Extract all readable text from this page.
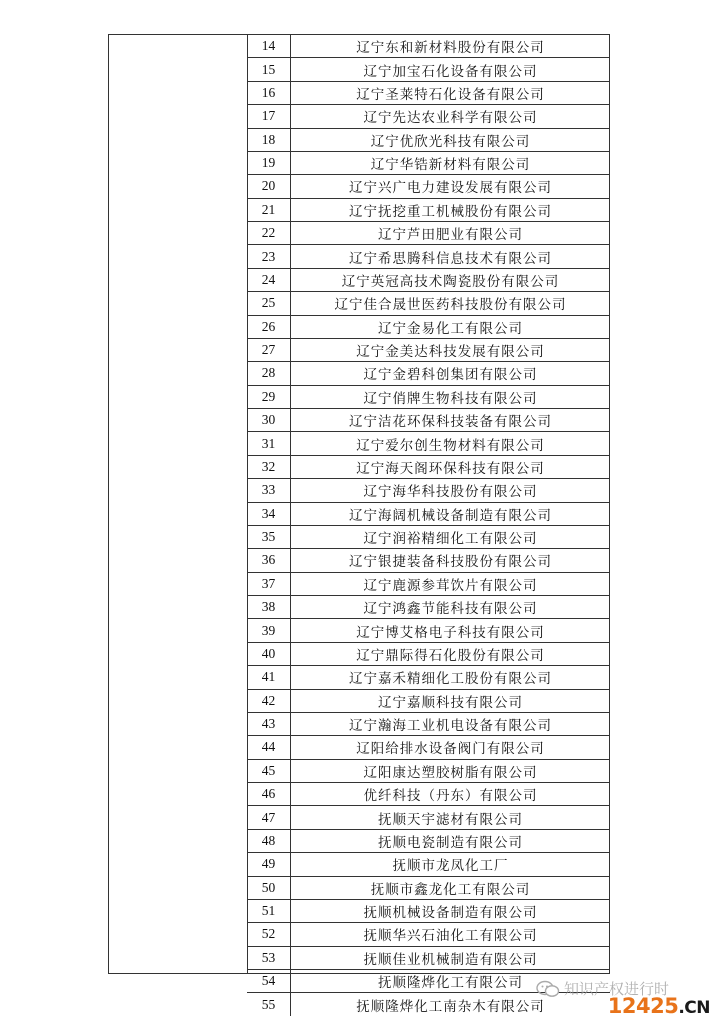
14	辽宁东和新材料股份有限公司
15	辽宁加宝石化设备有限公司
16	辽宁圣莱特石化设备有限公司
17	辽宁先达农业科学有限公司
18	辽宁优欣光科技有限公司
19	辽宁华锆新材料有限公司
20	辽宁兴广电力建设发展有限公司
21	辽宁抚挖重工机械股份有限公司
22	辽宁芦田肥业有限公司
23	辽宁希思腾科信息技术有限公司
24	辽宁英冠高技术陶瓷股份有限公司
25	辽宁佳合晟世医药科技股份有限公司
26	辽宁金易化工有限公司
27	辽宁金美达科技发展有限公司
28	辽宁金碧科创集团有限公司
29	辽宁俏牌生物科技有限公司
30	辽宁洁花环保科技装备有限公司
31	辽宁爱尔创生物材料有限公司
32	辽宁海天阁环保科技有限公司
33	辽宁海华科技股份有限公司
34	辽宁海阔机械设备制造有限公司
35	辽宁润裕精细化工有限公司
36	辽宁银捷装备科技股份有限公司
37	辽宁鹿源参茸饮片有限公司
38	辽宁鸿鑫节能科技有限公司
39	辽宁博艾格电子科技有限公司
40	辽宁鼎际得石化股份有限公司
41	辽宁嘉禾精细化工股份有限公司
42	辽宁嘉顺科技有限公司
43	辽宁瀚海工业机电设备有限公司
44	辽阳给排水设备阀门有限公司
45	辽阳康达塑胶树脂有限公司
46	优纤科技（丹东）有限公司
47	抚顺天宇滤材有限公司
48	抚顺电瓷制造有限公司
49	抚顺市龙凤化工厂
50	抚顺市鑫龙化工有限公司
51	抚顺机械设备制造有限公司
52	抚顺华兴石油化工有限公司
53	抚顺佳业机械制造有限公司
54	抚顺隆烨化工有限公司
55	抚顺隆烨化工南杂木有限公司
知识产权进行时
12425.CN
